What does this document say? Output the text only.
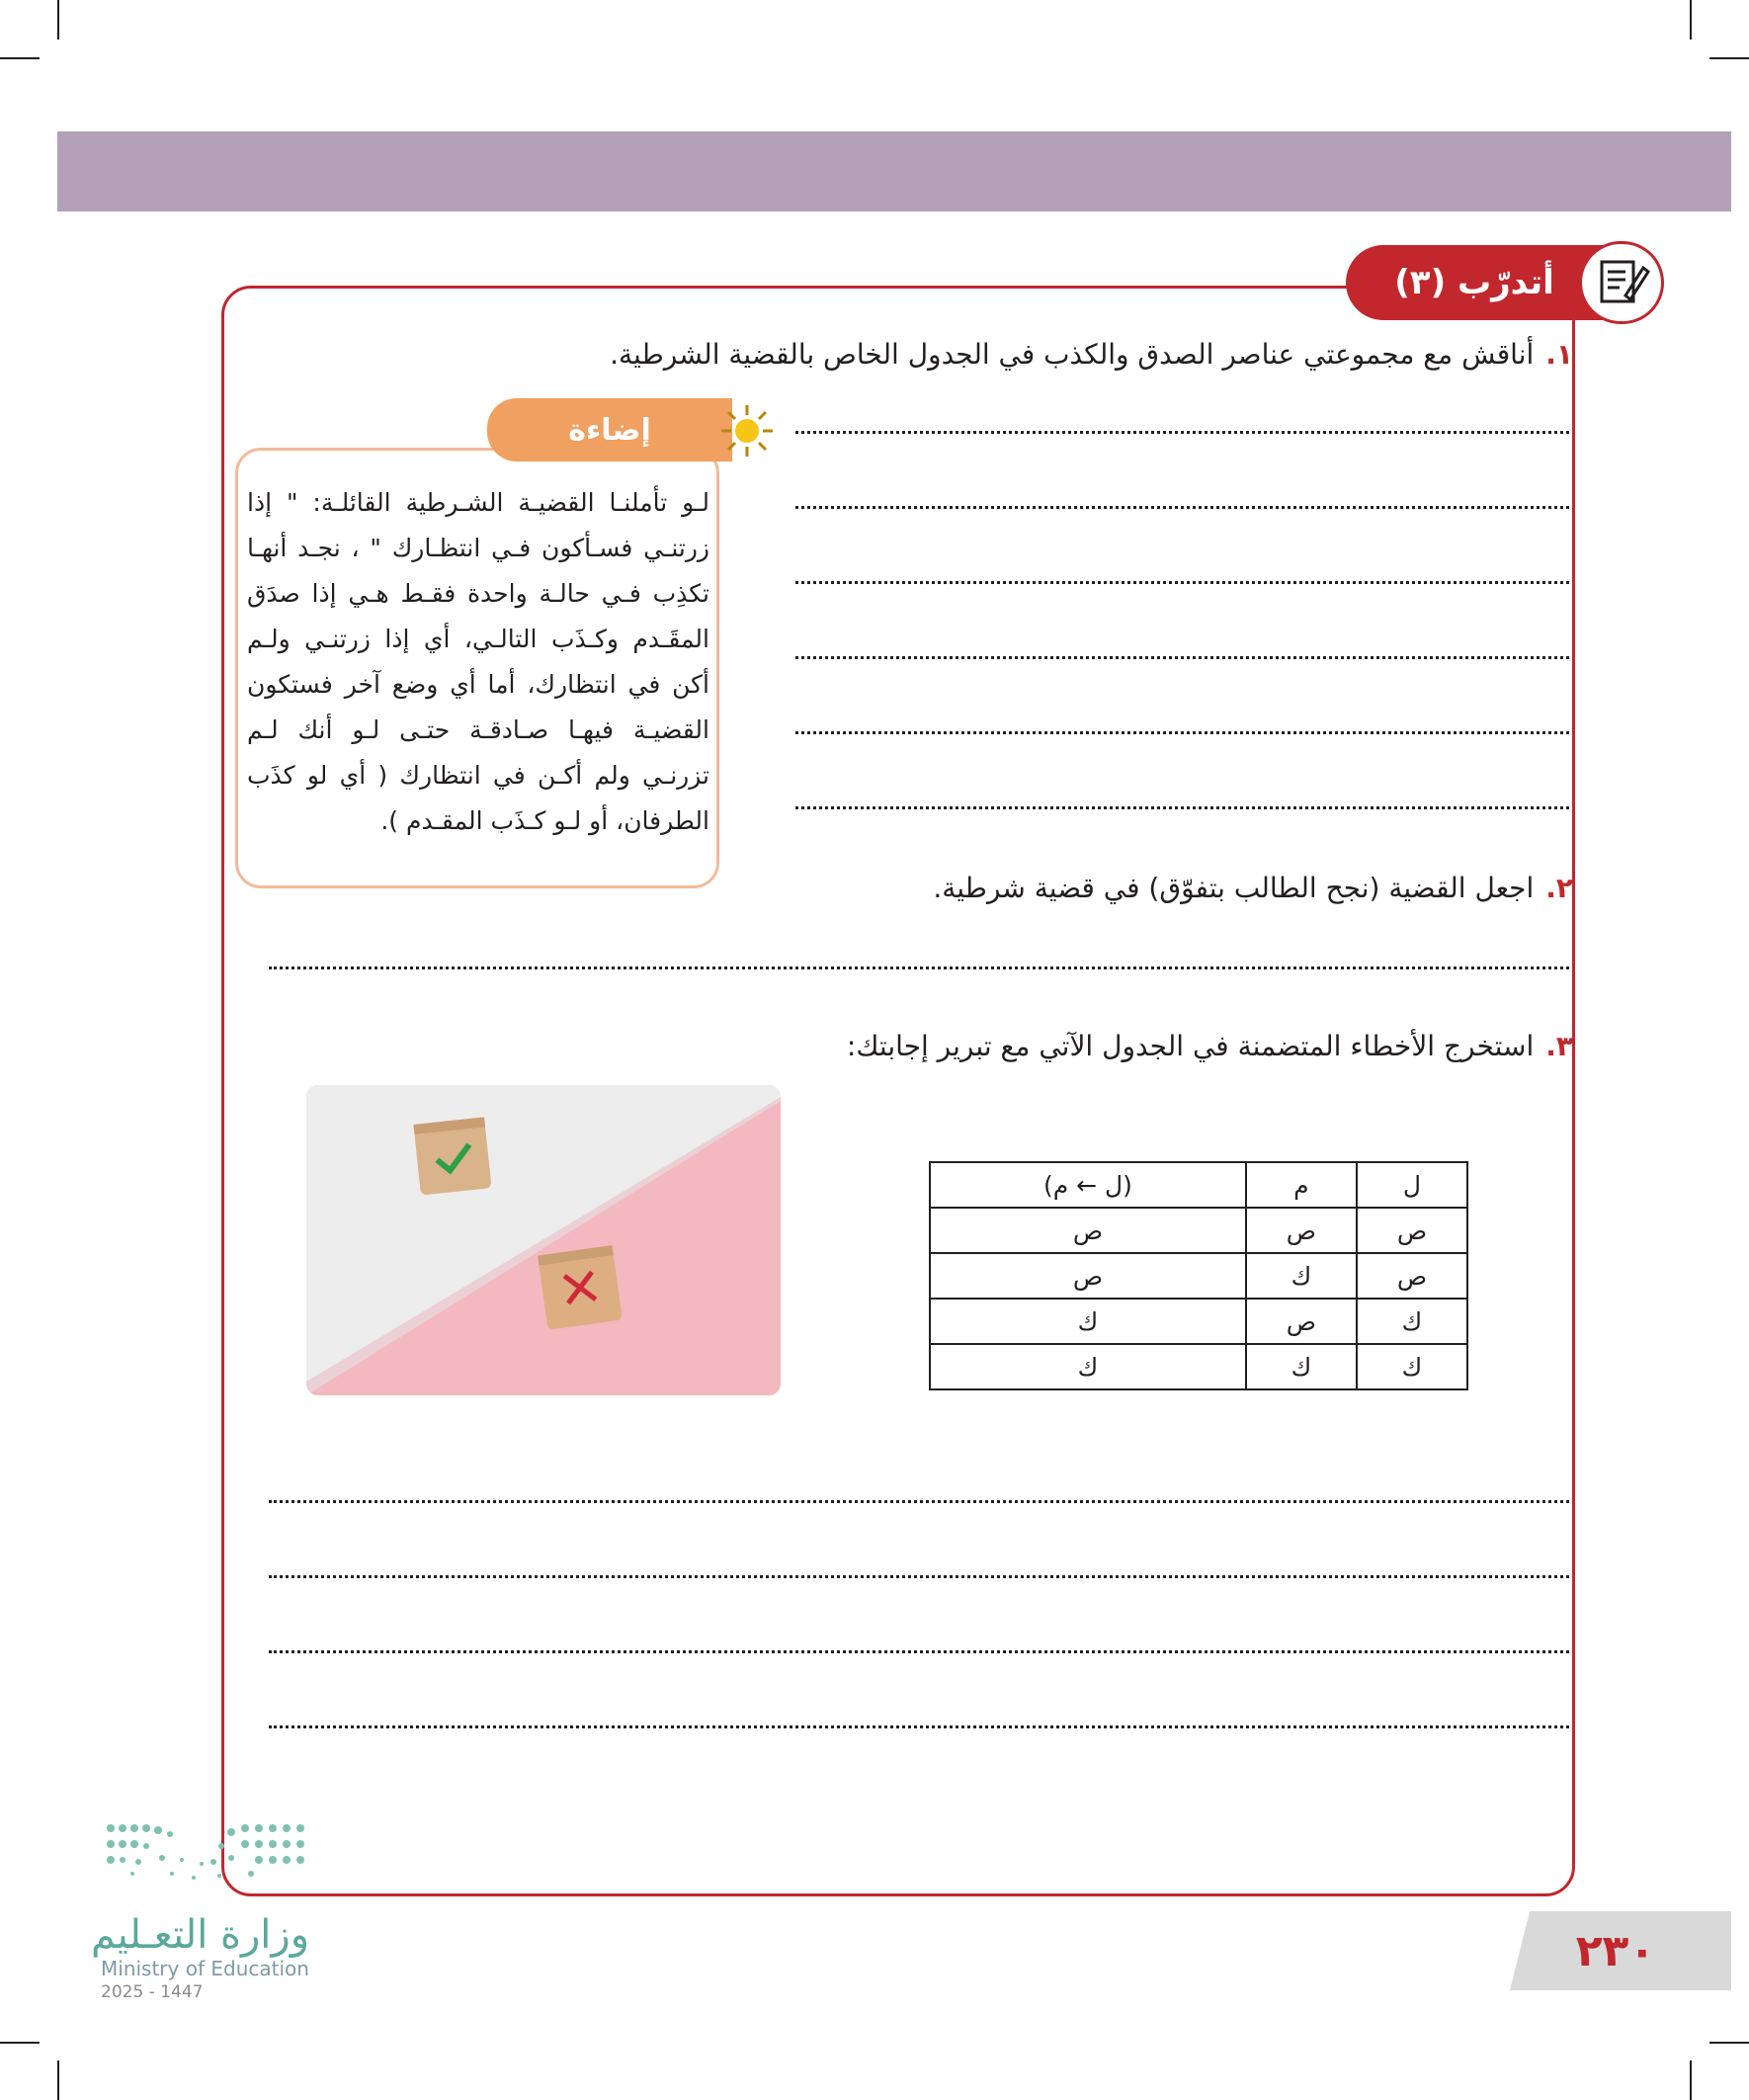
أتدرّب (٣)
١.أناقش مع مجموعتي عناصر الصدق والكذب في الجدول الخاص بالقضية الشرطية.
إضاءة
لـو تأملنـا القضيـة الشـرطية القائلـة: " إذا زرتنـي فسـأكون فـي انتظـارك " ، نجـد أنهـا تكذِب فـي حالـة واحدة فقـط هـي إذا صدَق المقَـدم وكـذَب التالـي، أي إذا زرتنـي ولـم أكن في انتظارك، أما أي وضع آخر فستكون القضيـة فيهـا صـادقـة حتـى لـو أنك لـم تزرنـي ولم أكـن في انتظارك ( أي لو كذَب الطرفان، أو لـو كـذَب المقـدم ).
٢.اجعل القضية (نجح الطالب بتفوّق) في قضية شرطية.
٣.استخرج الأخطاء المتضمنة في الجدول الآتي مع تبرير إجابتك:
ل	م	(ل ← م)
ص	ص	ص
ص	ك	ص
ك	ص	ك
ك	ك	ك
وزارة التعـليم
Ministry of Education
2025 - 1447
٢٣٠
